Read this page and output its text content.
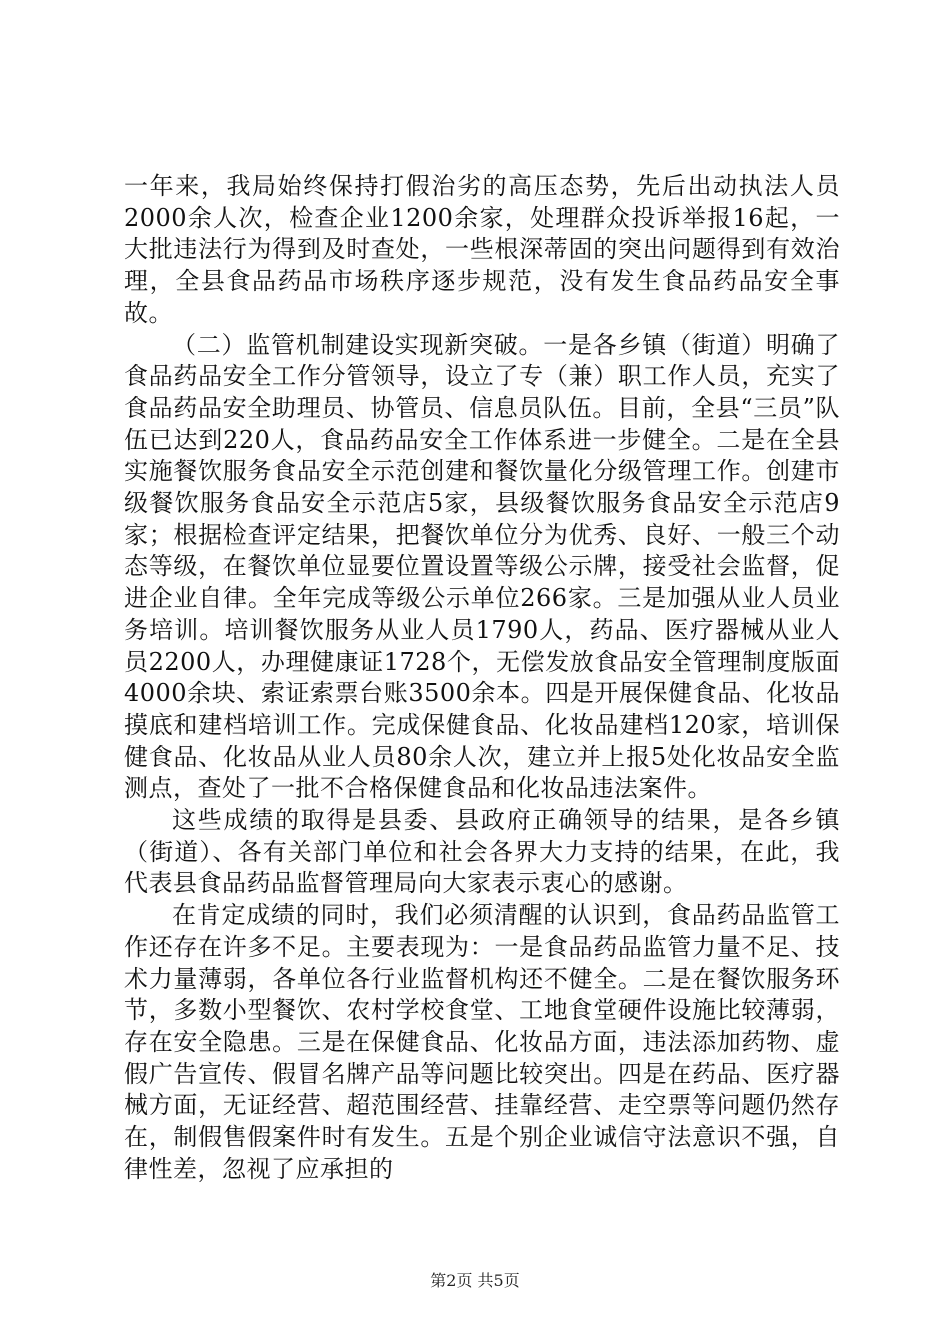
一年来，我局始终保持打假治劣的高压态势，先后出动执法人员2000余人次，检查企业1200余家，处理群众投诉举报16起，一大批违法行为得到及时查处，一些根深蒂固的突出问题得到有效治理，全县食品药品市场秩序逐步规范，没有发生食品药品安全事故。

（二）监管机制建设实现新突破。一是各乡镇（街道）明确了食品药品安全工作分管领导，设立了专（兼）职工作人员，充实了食品药品安全助理员、协管员、信息员队伍。目前，全县“三员”队伍已达到220人，食品药品安全工作体系进一步健全。二是在全县实施餐饮服务食品安全示范创建和餐饮量化分级管理工作。创建市级餐饮服务食品安全示范店5家，县级餐饮服务食品安全示范店9家；根据检查评定结果，把餐饮单位分为优秀、良好、一般三个动态等级，在餐饮单位显要位置设置等级公示牌，接受社会监督，促进企业自律。全年完成等级公示单位266家。三是加强从业人员业务培训。培训餐饮服务从业人员1790人，药品、医疗器械从业人员2200人，办理健康证1728个，无偿发放食品安全管理制度版面4000余块、索证索票台账3500余本。四是开展保健食品、化妆品摸底和建档培训工作。完成保健食品、化妆品建档120家，培训保健食品、化妆品从业人员80余人次，建立并上报5处化妆品安全监测点，查处了一批不合格保健食品和化妆品违法案件。

这些成绩的取得是县委、县政府正确领导的结果，是各乡镇（街道）、各有关部门单位和社会各界大力支持的结果，在此，我代表县食品药品监督管理局向大家表示衷心的感谢。

在肯定成绩的同时，我们必须清醒的认识到，食品药品监管工作还存在许多不足。主要表现为：一是食品药品监管力量不足、技术力量薄弱，各单位各行业监督机构还不健全。二是在餐饮服务环节，多数小型餐饮、农村学校食堂、工地食堂硬件设施比较薄弱，存在安全隐患。三是在保健食品、化妆品方面，违法添加药物、虚假广告宣传、假冒名牌产品等问题比较突出。四是在药品、医疗器械方面，无证经营、超范围经营、挂靠经营、走空票等问题仍然存在，制假售假案件时有发生。五是个别企业诚信守法意识不强，自律性差，忽视了应承担的

第2页 共5页
